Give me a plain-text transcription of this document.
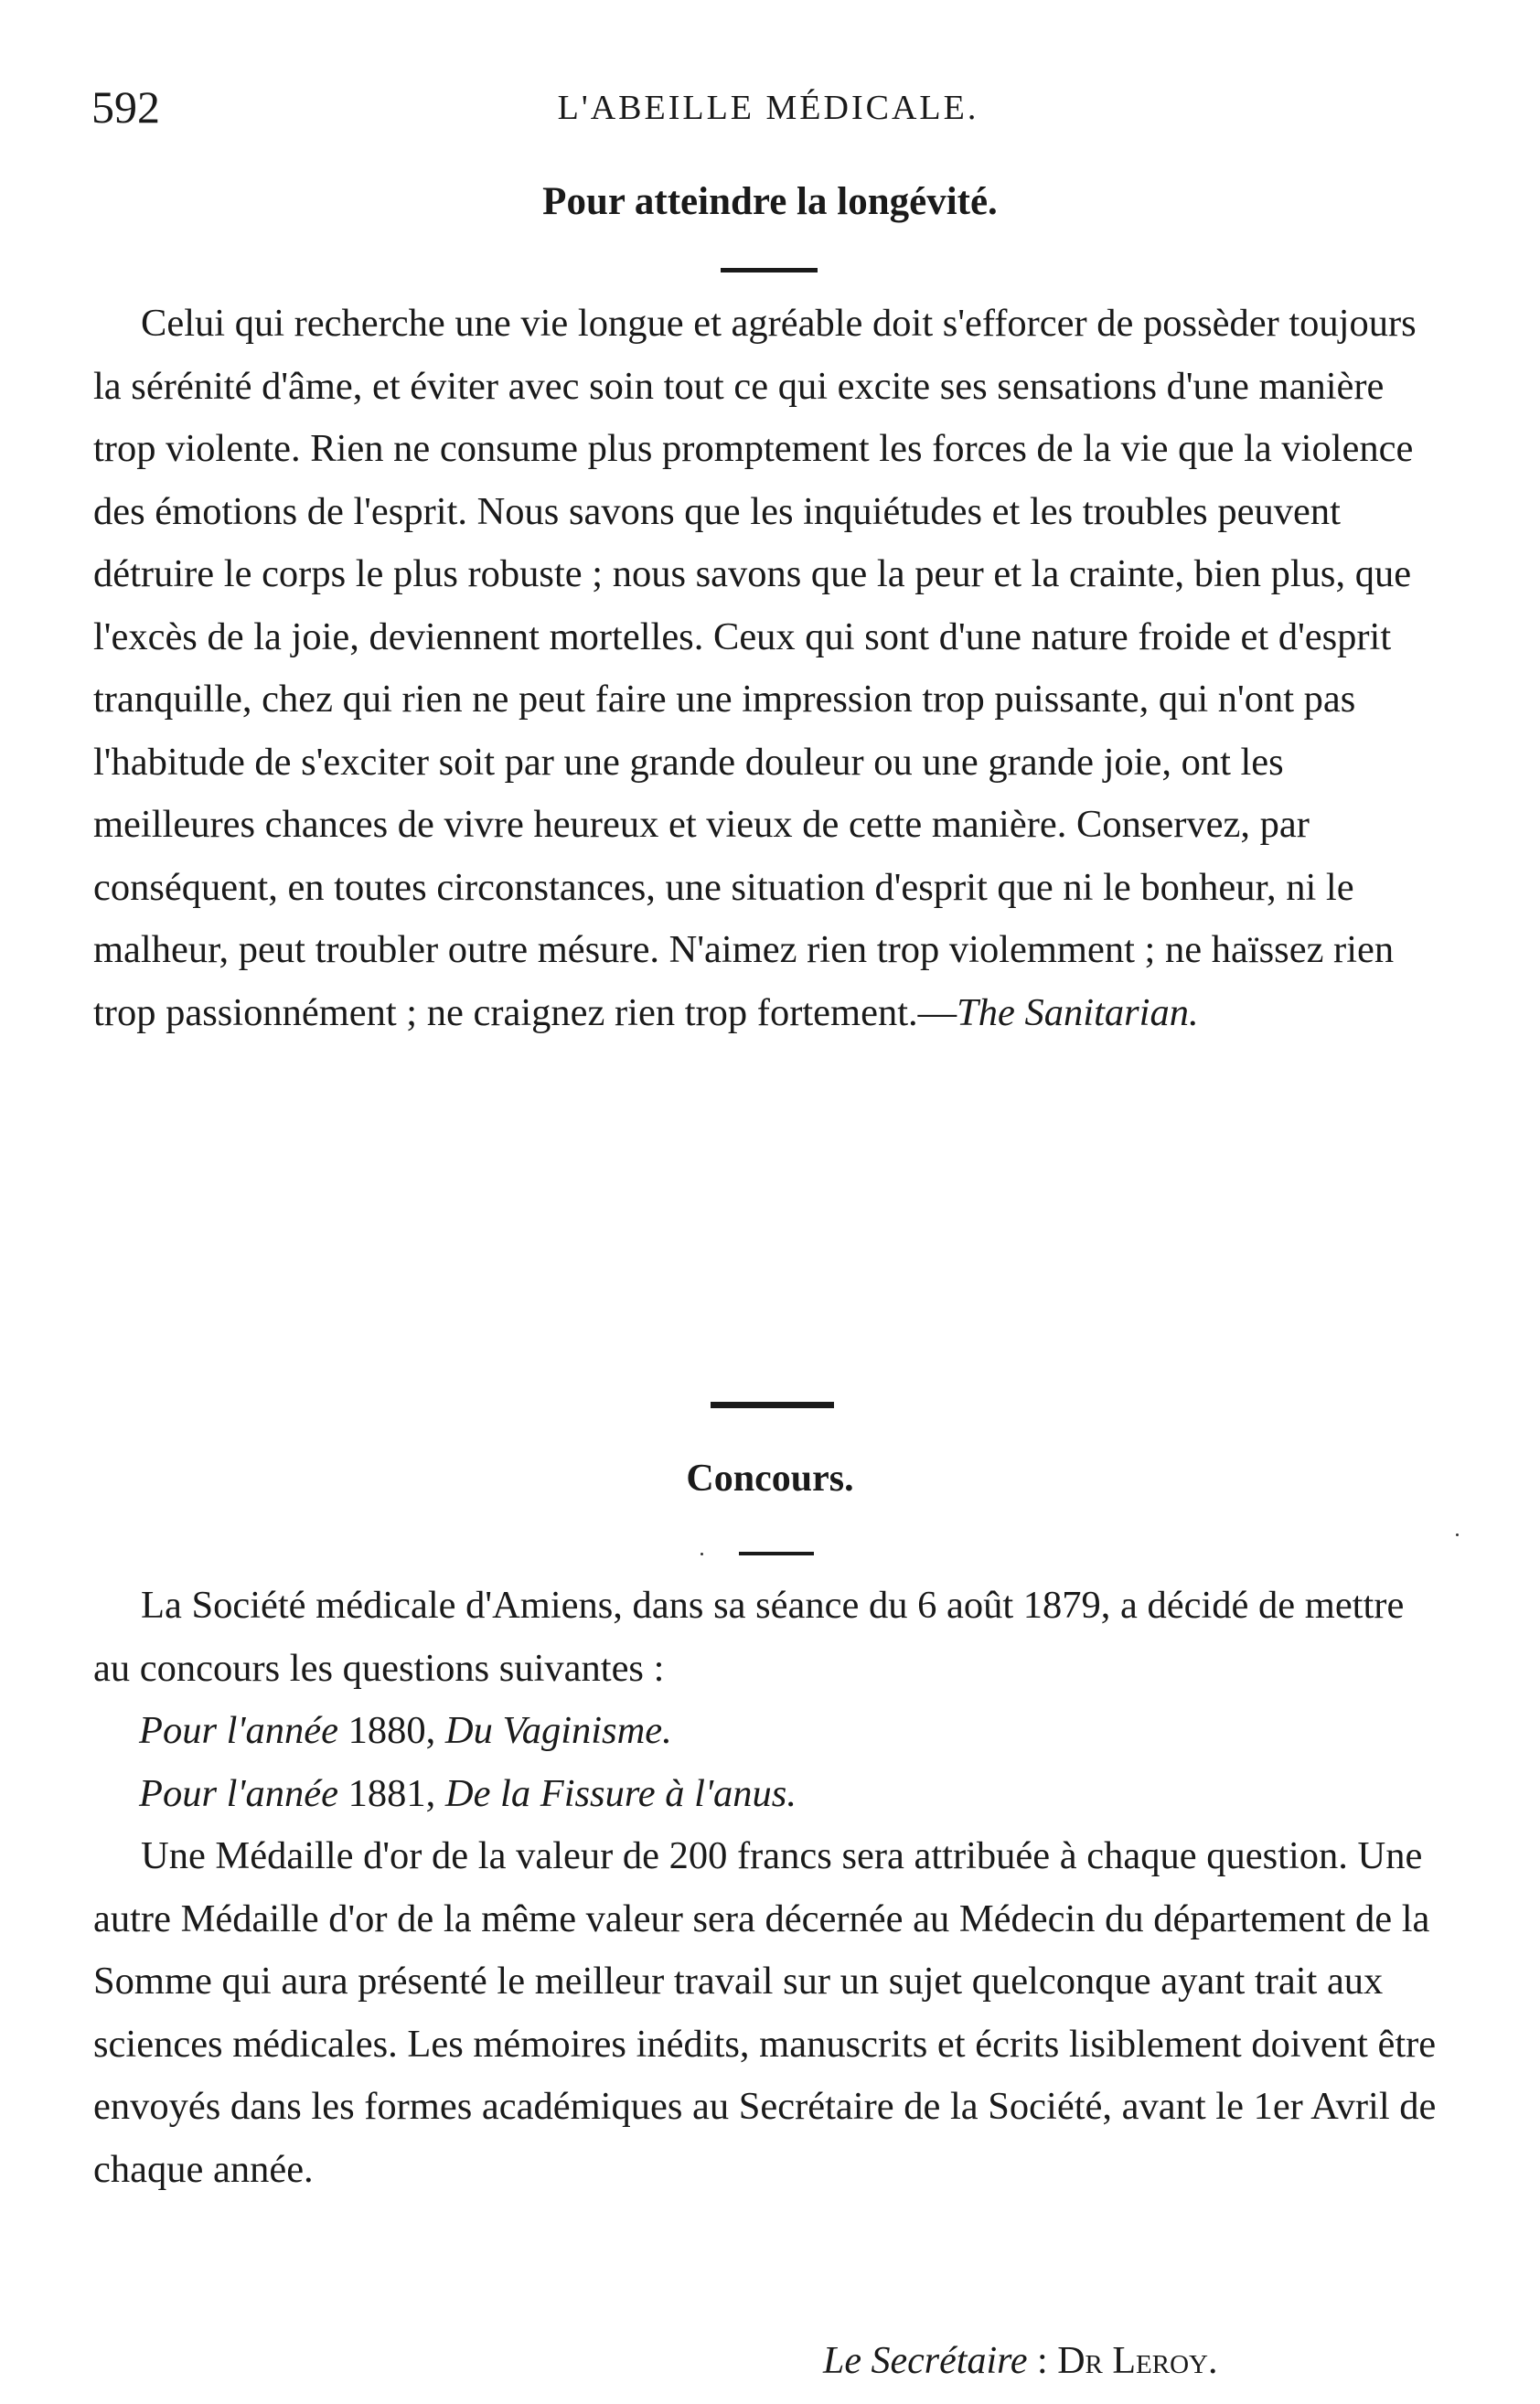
592	L'ABEILLE MÉDICALE.
Pour atteindre la longévité.

Celui qui recherche une vie longue et agréable doit s'efforcer de possèder toujours la sérénité d'âme, et éviter avec soin tout ce qui excite ses sensations d'une manière trop violente. Rien ne consume plus promptement les forces de la vie que la violence des émotions de l'esprit. Nous savons que les inquiétudes et les troubles peuvent détruire le corps le plus robuste ; nous savons que la peur et la crainte, bien plus, que l'excès de la joie, deviennent mortelles. Ceux qui sont d'une nature froide et d'esprit tranquille, chez qui rien ne peut faire une impression trop puissante, qui n'ont pas l'habitude de s'exciter soit par une grande douleur ou une grande joie, ont les meilleures chances de vivre heureux et vieux de cette manière. Conservez, par conséquent, en toutes circonstances, une situation d'esprit que ni le bonheur, ni le malheur, peut troubler outre mésure. N'aimez rien trop violemment ; ne haïssez rien trop passionnément ; ne craignez rien trop fortement.—The Sanitarian.

Concours.

La Société médicale d'Amiens, dans sa séance du 6 août 1879, a décidé de mettre au concours les questions suivantes :

Pour l'année 1880, Du Vaginisme.
Pour l'année 1881, De la Fissure à l'anus.

Une Médaille d'or de la valeur de 200 francs sera attribuée à chaque question. Une autre Médaille d'or de la même valeur sera décernée au Médecin du département de la Somme qui aura présenté le meilleur travail sur un sujet quelconque ayant trait aux sciences médicales. Les mémoires inédits, manuscrits et écrits lisiblement doivent être envoyés dans les formes académiques au Secrétaire de la Société, avant le 1er Avril de chaque année.

Le Secrétaire : Dr Leroy.
